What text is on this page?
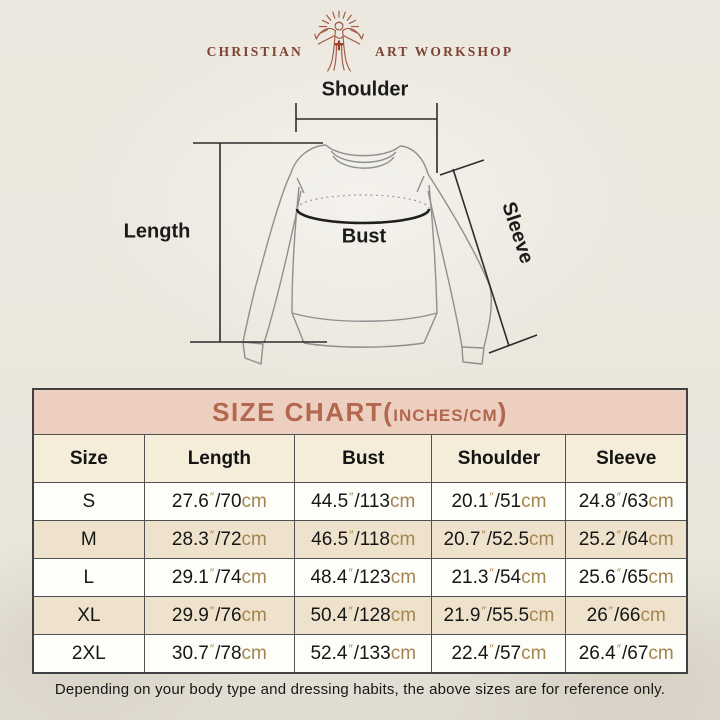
CHRISTIAN	ART WORKSHOP
Shoulder
Length	Bust	Sleeve
SIZE CHART(INCHES/CM)				
Size	Length	Bust	Shoulder	Sleeve
S	27.6″/70cm	44.5″/113cm	20.1″/51cm	24.8″/63cm
M	28.3″/72cm	46.5″/118cm	20.7″/52.5cm	25.2″/64cm
L	29.1″/74cm	48.4″/123cm	21.3″/54cm	25.6″/65cm
XL	29.9″/76cm	50.4″/128cm	21.9″/55.5cm	26″/66cm
2XL	30.7″/78cm	52.4″/133cm	22.4″/57cm	26.4″/67cm
Depending on your body type and dressing habits, the above sizes are for reference only.
